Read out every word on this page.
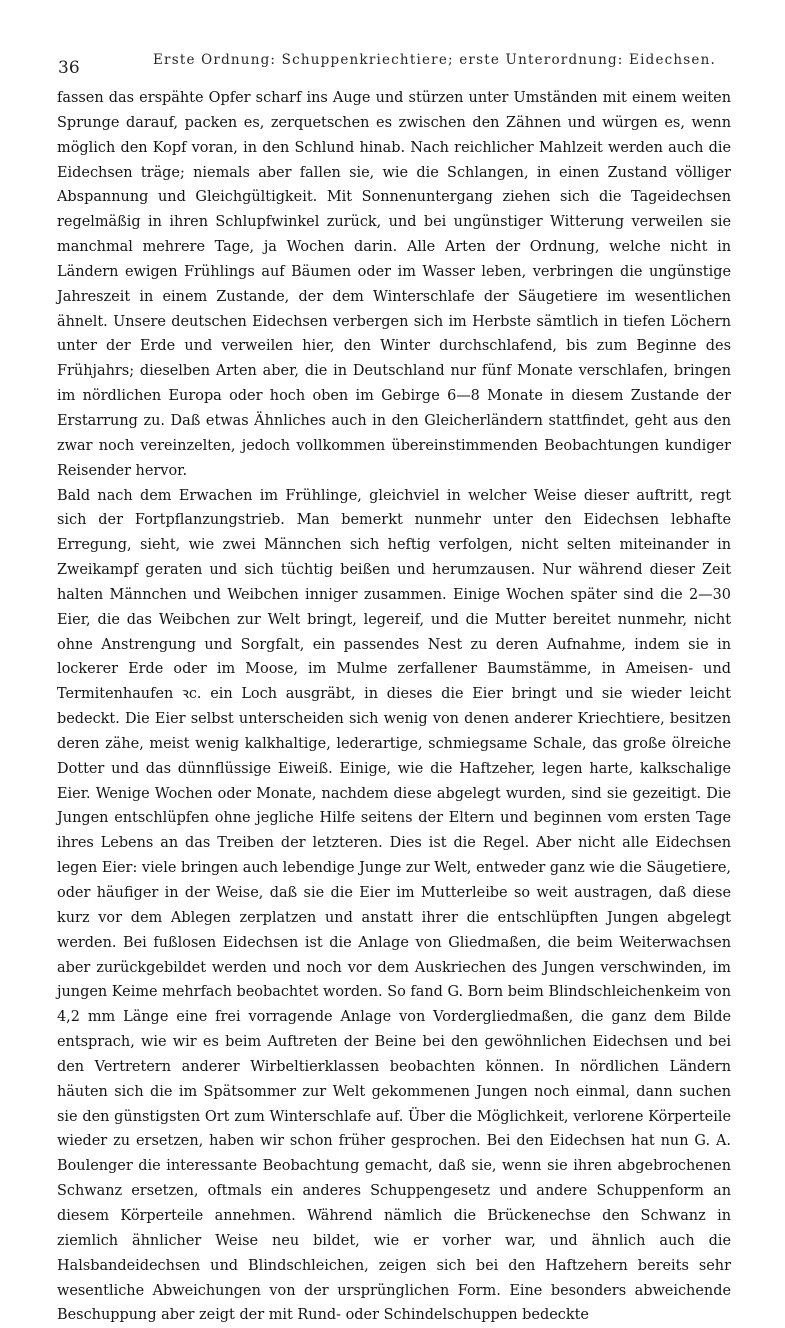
36	Erste Ordnung: Schuppenkriechtiere; erste Unterordnung: Eidechsen.

fassen das erspähte Opfer scharf ins Auge und stürzen unter Umständen mit einem weiten Sprunge darauf, packen es, zerquetschen es zwischen den Zähnen und würgen es, wenn möglich den Kopf voran, in den Schlund hinab. Nach reichlicher Mahlzeit werden auch die Eidechsen träge; niemals aber fallen sie, wie die Schlangen, in einen Zustand völliger Abspannung und Gleichgültigkeit. Mit Sonnenuntergang ziehen sich die Tageidechsen regelmäßig in ihren Schlupfwinkel zurück, und bei ungünstiger Witterung verweilen sie manchmal mehrere Tage, ja Wochen darin. Alle Arten der Ordnung, welche nicht in Ländern ewigen Frühlings auf Bäumen oder im Wasser leben, verbringen die ungünstige Jahreszeit in einem Zustande, der dem Winterschlafe der Säugetiere im wesentlichen ähnelt. Unsere deutschen Eidechsen verbergen sich im Herbste sämtlich in tiefen Löchern unter der Erde und verweilen hier, den Winter durchschlafend, bis zum Beginne des Frühjahrs; dieselben Arten aber, die in Deutschland nur fünf Monate verschlafen, bringen im nördlichen Europa oder hoch oben im Gebirge 6—8 Monate in diesem Zustande der Erstarrung zu. Daß etwas Ähnliches auch in den Gleicherländern stattfindet, geht aus den zwar noch vereinzelten, jedoch vollkommen übereinstimmenden Beobachtungen kundiger Reisender hervor.

Bald nach dem Erwachen im Frühlinge, gleichviel in welcher Weise dieser auftritt, regt sich der Fortpflanzungstrieb. Man bemerkt nunmehr unter den Eidechsen lebhafte Erregung, sieht, wie zwei Männchen sich heftig verfolgen, nicht selten miteinander in Zweikampf geraten und sich tüchtig beißen und herumzausen. Nur während dieser Zeit halten Männchen und Weibchen inniger zusammen. Einige Wochen später sind die 2—30 Eier, die das Weibchen zur Welt bringt, legereif, und die Mutter bereitet nunmehr, nicht ohne Anstrengung und Sorgfalt, ein passendes Nest zu deren Aufnahme, indem sie in lockerer Erde oder im Moose, im Mulme zerfallener Baumstämme, in Ameisen- und Termitenhaufen ꝛc. ein Loch ausgräbt, in dieses die Eier bringt und sie wieder leicht bedeckt. Die Eier selbst unterscheiden sich wenig von denen anderer Kriechtiere, besitzen deren zähe, meist wenig kalkhaltige, lederartige, schmiegsame Schale, das große ölreiche Dotter und das dünnflüssige Eiweiß. Einige, wie die Haftzeher, legen harte, kalkschalige Eier. Wenige Wochen oder Monate, nachdem diese abgelegt wurden, sind sie gezeitigt. Die Jungen entschlüpfen ohne jegliche Hilfe seitens der Eltern und beginnen vom ersten Tage ihres Lebens an das Treiben der letzteren. Dies ist die Regel. Aber nicht alle Eidechsen legen Eier: viele bringen auch lebendige Junge zur Welt, entweder ganz wie die Säugetiere, oder häufiger in der Weise, daß sie die Eier im Mutterleibe so weit austragen, daß diese kurz vor dem Ablegen zerplatzen und anstatt ihrer die entschlüpften Jungen abgelegt werden. Bei fußlosen Eidechsen ist die Anlage von Gliedmaßen, die beim Weiterwachsen aber zurückgebildet werden und noch vor dem Auskriechen des Jungen verschwinden, im jungen Keime mehrfach beobachtet worden. So fand G. Born beim Blindschleichenkeim von 4,2 mm Länge eine frei vorragende Anlage von Vordergliedmaßen, die ganz dem Bilde entsprach, wie wir es beim Auftreten der Beine bei den gewöhnlichen Eidechsen und bei den Vertretern anderer Wirbeltierklassen beobachten können. In nördlichen Ländern häuten sich die im Spätsommer zur Welt gekommenen Jungen noch einmal, dann suchen sie den günstigsten Ort zum Winterschlafe auf. Über die Möglichkeit, verlorene Körperteile wieder zu ersetzen, haben wir schon früher gesprochen. Bei den Eidechsen hat nun G. A. Boulenger die interessante Beobachtung gemacht, daß sie, wenn sie ihren abgebrochenen Schwanz ersetzen, oftmals ein anderes Schuppengesetz und andere Schuppenform an diesem Körperteile annehmen. Während nämlich die Brückenechse den Schwanz in ziemlich ähnlicher Weise neu bildet, wie er vorher war, und ähnlich auch die Halsbandeidechsen und Blindschleichen, zeigen sich bei den Haftzehern bereits sehr wesentliche Abweichungen von der ursprünglichen Form. Eine besonders abweichende Beschuppung aber zeigt der mit Rund- oder Schindelschuppen bedeckte
